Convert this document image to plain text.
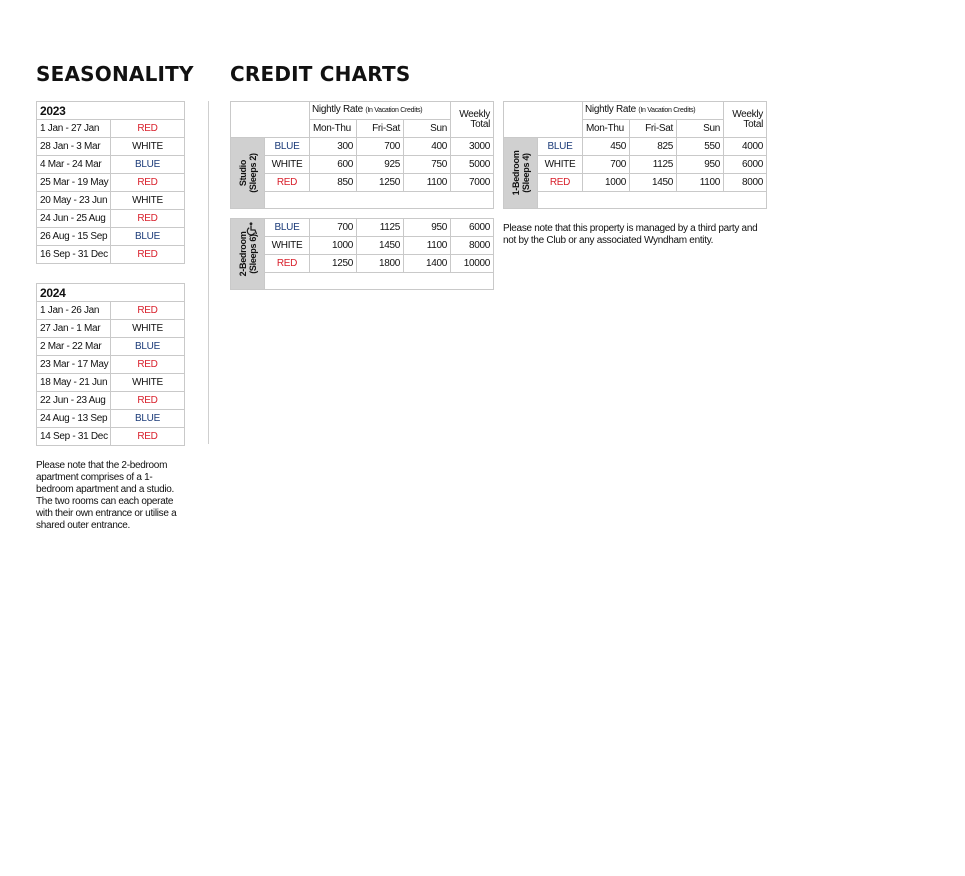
SEASONALITY CREDIT CHARTS
2023	
1 Jan - 27 Jan	RED
28 Jan - 3 Mar	WHITE
4 Mar - 24 Mar	BLUE
25 Mar - 19 May	RED
20 May - 23 Jun	WHITE
24 Jun - 25 Aug	RED
26 Aug - 15 Sep	BLUE
16 Sep - 31 Dec	RED
2024	
1 Jan - 26 Jan	RED
27 Jan - 1 Mar	WHITE
2 Mar - 22 Mar	BLUE
23 Mar - 17 May	RED
18 May - 21 Jun	WHITE
22 Jun - 23 Aug	RED
24 Aug - 13 Sep	BLUE
14 Sep - 31 Dec	RED

Please note that the 2-bedroom apartment comprises of a 1-bedroom apartment and a studio. The two rooms can each operate with their own entrance or utilise a shared outer entrance.

		Nightly Rate (In Vacation Credits)			Weekly
Total

		Mon-Thu	Fri-Sat	Sun	

Studio (Sleeps 2)	BLUE	300	700	400	3000
	WHITE	600	925	750	5000
	RED	850	1250	1100	7000

2-Bedroom (Sleeps 6)	BLUE	700	1125	950	6000
	WHITE	1000	1450	1100	8000
	RED	1250	1800	1400	10000

		Nightly Rate (In Vacation Credits)			Weekly
Total

		Mon-Thu	Fri-Sat	Sun	

1-Bedroom (Sleeps 4)	BLUE	450	825	550	4000
	WHITE	700	1125	950	6000
	RED	1000	1450	1100	8000

Please note that this property is managed by a third party and not by the Club or any associated Wyndham entity.
